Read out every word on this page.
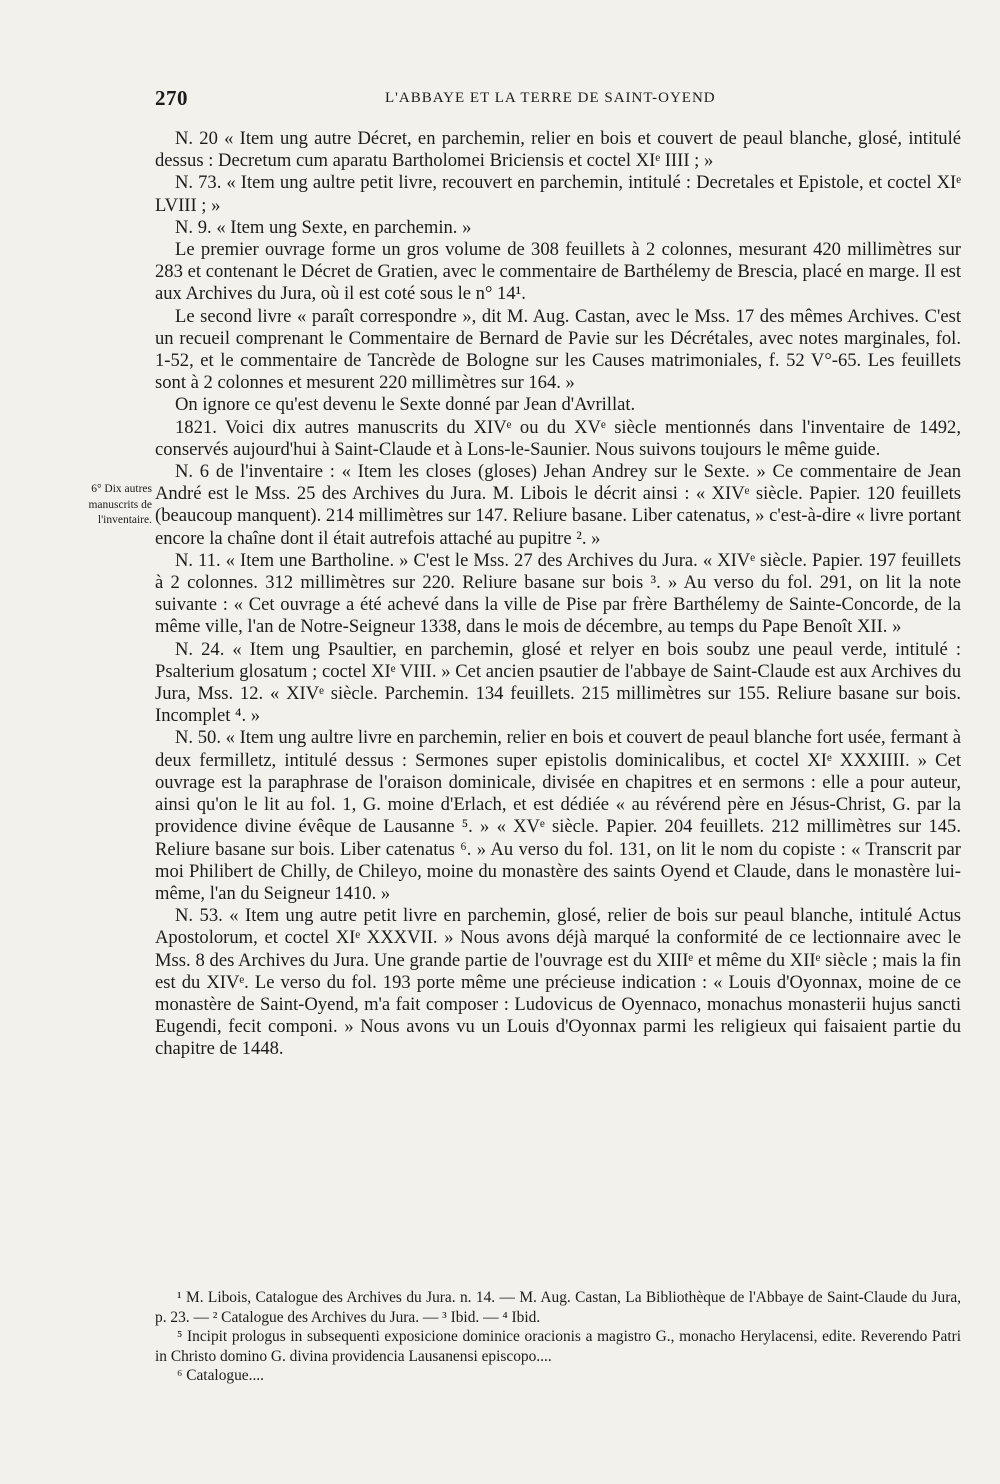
270	L'ABBAYE ET LA TERRE DE SAINT-OYEND
6° Dix autres manuscrits de l'inventaire.

N. 20 « Item ung autre Décret, en parchemin, relier en bois et couvert de peaul blanche, glosé, intitulé dessus : Decretum cum aparatu Bartholomei Briciensis et coctel XIᵉ IIII ; »

N. 73. « Item ung aultre petit livre, recouvert en parchemin, intitulé : Decretales et Epistole, et coctel XIᵉ LVIII ; »

N. 9. « Item ung Sexte, en parchemin. »

Le premier ouvrage forme un gros volume de 308 feuillets à 2 colonnes, mesurant 420 millimètres sur 283 et contenant le Décret de Gratien, avec le commentaire de Barthélemy de Brescia, placé en marge. Il est aux Archives du Jura, où il est coté sous le n° 14¹.

Le second livre « paraît correspondre », dit M. Aug. Castan, avec le Mss. 17 des mêmes Archives. C'est un recueil comprenant le Commentaire de Bernard de Pavie sur les Décrétales, avec notes marginales, fol. 1-52, et le commentaire de Tancrède de Bologne sur les Causes matrimoniales, f. 52 V°-65. Les feuillets sont à 2 colonnes et mesurent 220 millimètres sur 164. »

On ignore ce qu'est devenu le Sexte donné par Jean d'Avrillat.

1821. Voici dix autres manuscrits du XIVᵉ ou du XVᵉ siècle mentionnés dans l'inventaire de 1492, conservés aujourd'hui à Saint-Claude et à Lons-le-Saunier. Nous suivons toujours le même guide.

N. 6 de l'inventaire : « Item les closes (gloses) Jehan Andrey sur le Sexte. » Ce commentaire de Jean André est le Mss. 25 des Archives du Jura. M. Libois le décrit ainsi : « XIVᵉ siècle. Papier. 120 feuillets (beaucoup manquent). 214 millimètres sur 147. Reliure basane. Liber catenatus, » c'est-à-dire « livre portant encore la chaîne dont il était autrefois attaché au pupitre ². »

N. 11. « Item une Bartholine. » C'est le Mss. 27 des Archives du Jura. « XIVᵉ siècle. Papier. 197 feuillets à 2 colonnes. 312 millimètres sur 220. Reliure basane sur bois ³. » Au verso du fol. 291, on lit la note suivante : « Cet ouvrage a été achevé dans la ville de Pise par frère Barthélemy de Sainte-Concorde, de la même ville, l'an de Notre-Seigneur 1338, dans le mois de décembre, au temps du Pape Benoît XII. »

N. 24. « Item ung Psaultier, en parchemin, glosé et relyer en bois soubz une peaul verde, intitulé : Psalterium glosatum ; coctel XIᵉ VIII. » Cet ancien psautier de l'abbaye de Saint-Claude est aux Archives du Jura, Mss. 12. « XIVᵉ siècle. Parchemin. 134 feuillets. 215 millimètres sur 155. Reliure basane sur bois. Incomplet ⁴. »

N. 50. « Item ung aultre livre en parchemin, relier en bois et couvert de peaul blanche fort usée, fermant à deux fermilletz, intitulé dessus : Sermones super epistolis dominicalibus, et coctel XIᵉ XXXIIII. » Cet ouvrage est la paraphrase de l'oraison dominicale, divisée en chapitres et en sermons : elle a pour auteur, ainsi qu'on le lit au fol. 1, G. moine d'Erlach, et est dédiée « au révérend père en Jésus-Christ, G. par la providence divine évêque de Lausanne ⁵. » « XVᵉ siècle. Papier. 204 feuillets. 212 millimètres sur 145. Reliure basane sur bois. Liber catenatus ⁶. » Au verso du fol. 131, on lit le nom du copiste : « Transcrit par moi Philibert de Chilly, de Chileyo, moine du monastère des saints Oyend et Claude, dans le monastère lui-même, l'an du Seigneur 1410. »

N. 53. « Item ung autre petit livre en parchemin, glosé, relier de bois sur peaul blanche, intitulé Actus Apostolorum, et coctel XIᵉ XXXVII. » Nous avons déjà marqué la conformité de ce lectionnaire avec le Mss. 8 des Archives du Jura. Une grande partie de l'ouvrage est du XIIIᵉ et même du XIIᵉ siècle ; mais la fin est du XIVᵉ. Le verso du fol. 193 porte même une précieuse indication : « Louis d'Oyonnax, moine de ce monastère de Saint-Oyend, m'a fait composer : Ludovicus de Oyennaco, monachus monasterii hujus sancti Eugendi, fecit componi. » Nous avons vu un Louis d'Oyonnax parmi les religieux qui faisaient partie du chapitre de 1448.

¹ M. Libois, Catalogue des Archives du Jura. n. 14. — M. Aug. Castan, La Bibliothèque de l'Abbaye de Saint-Claude du Jura, p. 23. — ² Catalogue des Archives du Jura. — ³ Ibid. — ⁴ Ibid.

⁵ Incipit prologus in subsequenti exposicione dominice oracionis a magistro G., monacho Herylacensi, edite. Reverendo Patri in Christo domino G. divina providencia Lausanensi episcopo....

⁶ Catalogue....
